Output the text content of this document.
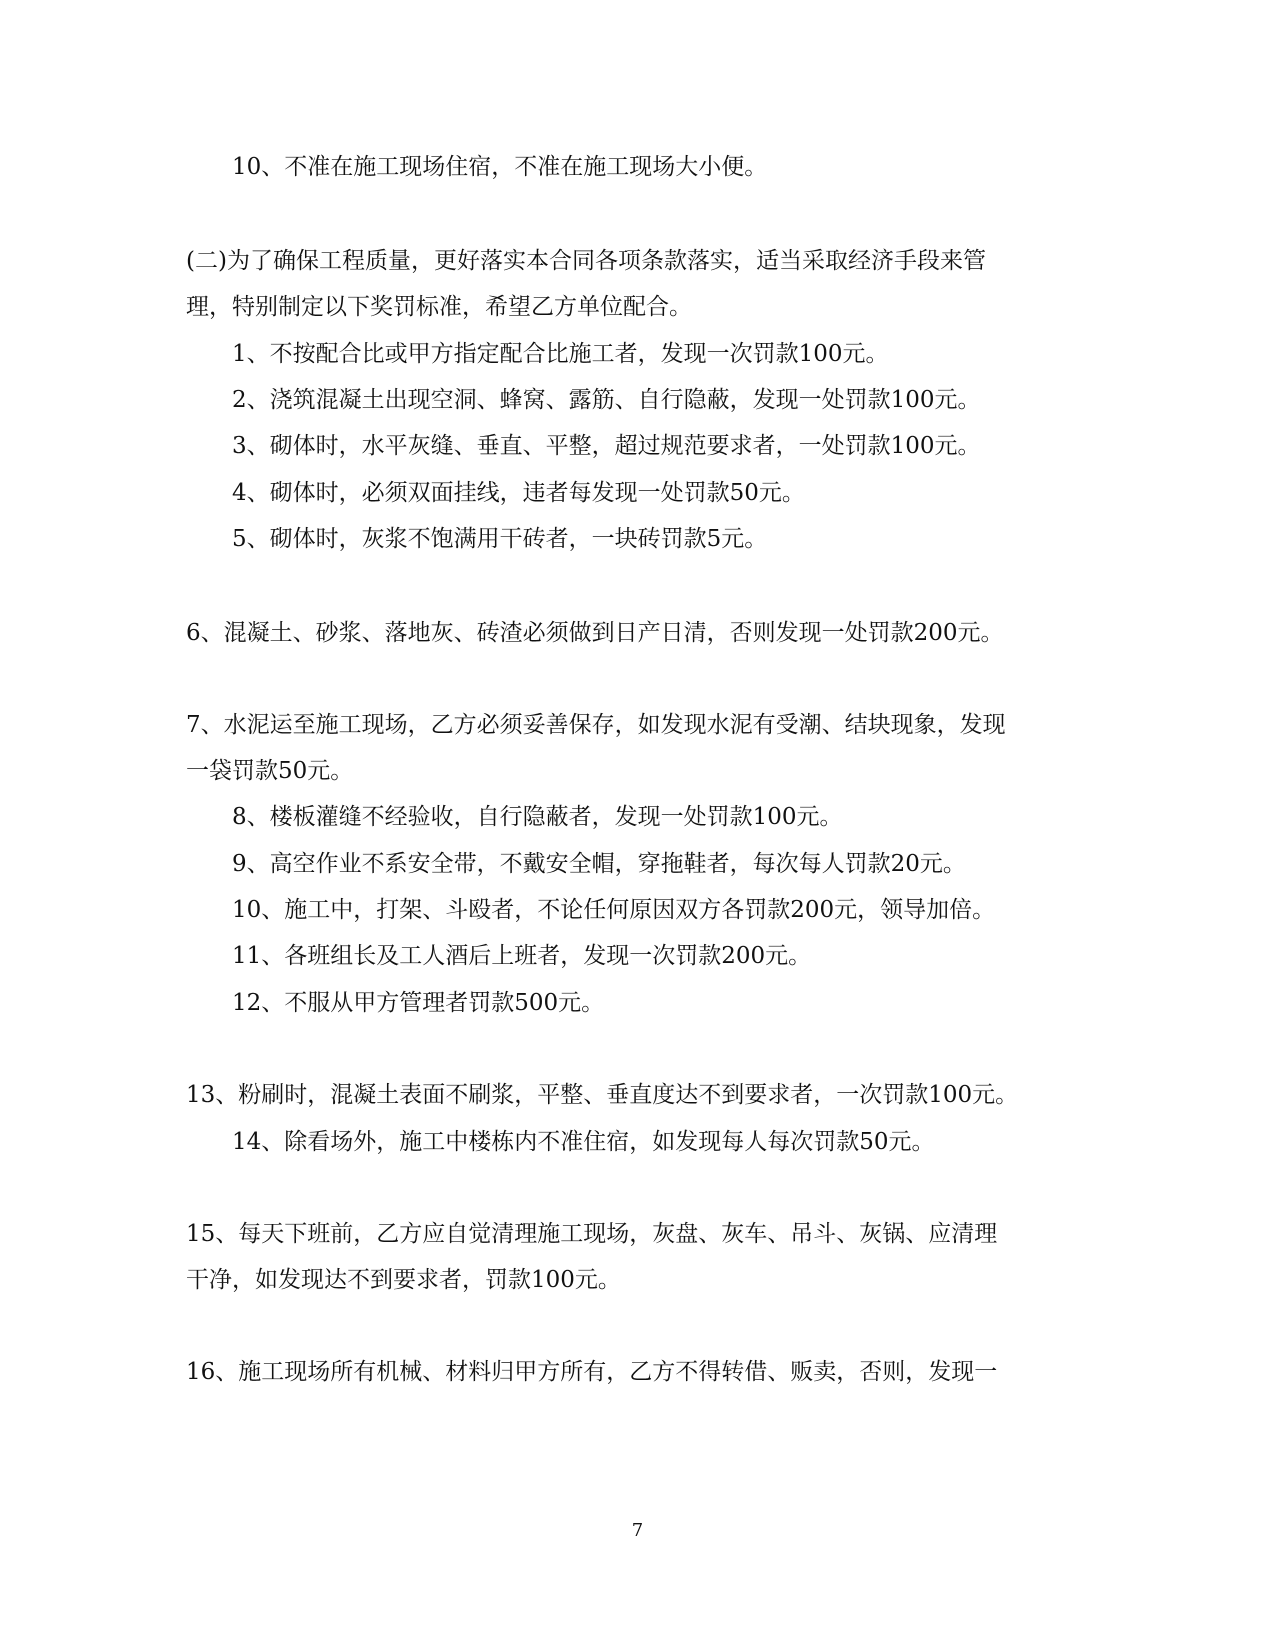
10、不准在施工现场住宿，不准在施工现场大小便。
(二)为了确保工程质量，更好落实本合同各项条款落实，适当采取经济手段来管
理，特别制定以下奖罚标准，希望乙方单位配合。
1、不按配合比或甲方指定配合比施工者，发现一次罚款100元。
2、浇筑混凝土出现空洞、蜂窝、露筋、自行隐蔽，发现一处罚款100元。
3、砌体时，水平灰缝、垂直、平整，超过规范要求者，一处罚款100元。
4、砌体时，必须双面挂线，违者每发现一处罚款50元。
5、砌体时，灰浆不饱满用干砖者，一块砖罚款5元。
6、混凝土、砂浆、落地灰、砖渣必须做到日产日清，否则发现一处罚款200元。
7、水泥运至施工现场，乙方必须妥善保存，如发现水泥有受潮、结块现象，发现
一袋罚款50元。
8、楼板灌缝不经验收，自行隐蔽者，发现一处罚款100元。
9、高空作业不系安全带，不戴安全帽，穿拖鞋者，每次每人罚款20元。
10、施工中，打架、斗殴者，不论任何原因双方各罚款200元，领导加倍。
11、各班组长及工人酒后上班者，发现一次罚款200元。
12、不服从甲方管理者罚款500元。
13、粉刷时，混凝土表面不刷浆，平整、垂直度达不到要求者，一次罚款100元。
14、除看场外，施工中楼栋内不准住宿，如发现每人每次罚款50元。
15、每天下班前，乙方应自觉清理施工现场，灰盘、灰车、吊斗、灰锅、应清理
干净，如发现达不到要求者，罚款100元。
16、施工现场所有机械、材料归甲方所有，乙方不得转借、贩卖，否则，发现一
7
